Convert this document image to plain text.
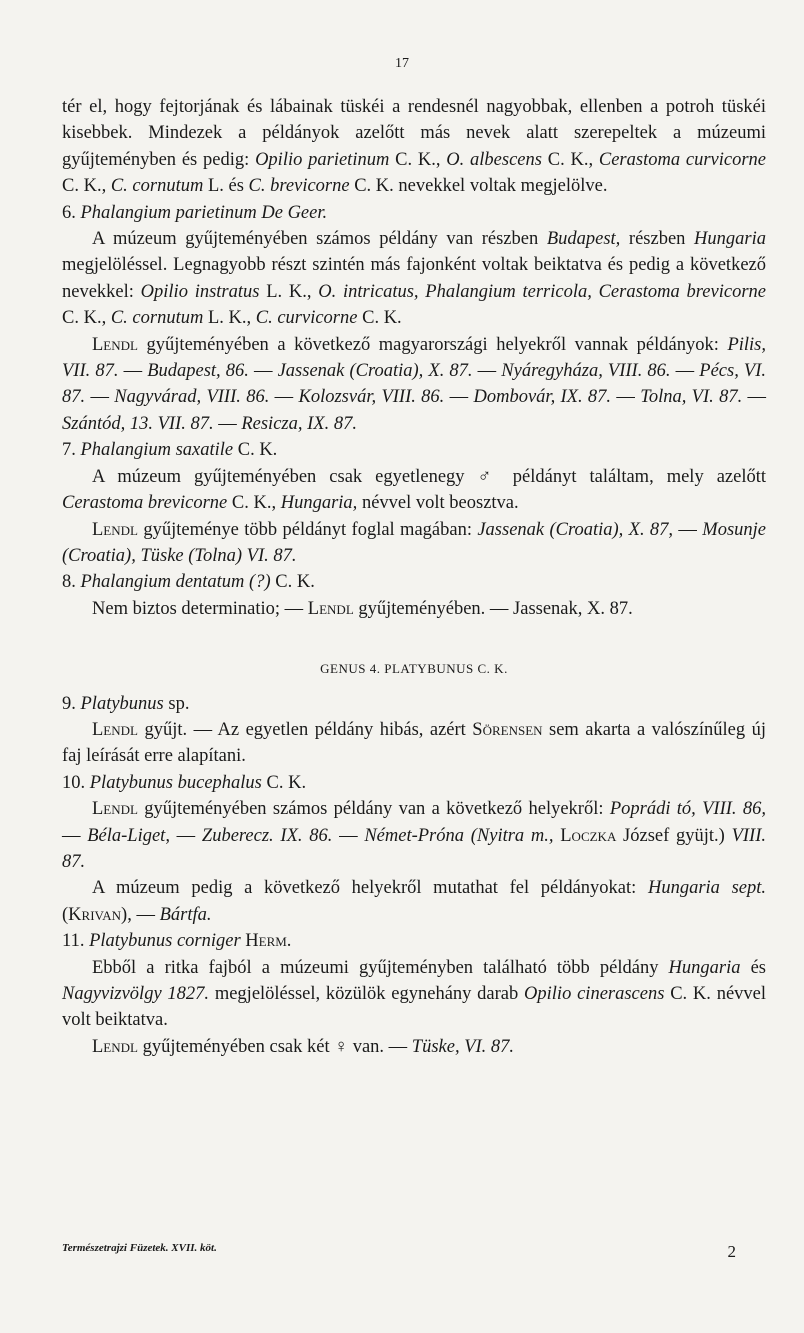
17

tér el, hogy fejtorjának és lábainak tüskéi a rendesnél nagyobbak, ellenben a potroh tüskéi kisebbek. Mindezek a példányok azelőtt más nevek alatt szerepeltek a múzeumi gyűjteményben és pedig: Opilio parietinum C. K., O. albescens C. K., Cerastoma curvicorne C. K., C. cornutum L. és C. brevicorne C. K. nevekkel voltak megjelölve.

6. Phalangium parietinum De Geer.

A múzeum gyűjteményében számos példány van részben Budapest, részben Hungaria megjelöléssel. Legnagyobb részt szintén más fajonként voltak beiktatva és pedig a következő nevekkel: Opilio instratus L. K., O. intricatus, Phalangium terricola, Cerastoma brevicorne C. K., C. cornutum L. K., C. curvicorne C. K.

Lendl gyűjteményében a következő magyarországi helyekről vannak példányok: Pilis, VII. 87. — Budapest, 86. — Jassenak (Croatia), X. 87. — Nyáregyháza, VIII. 86. — Pécs, VI. 87. — Nagyvárad, VIII. 86. — Kolozsvár, VIII. 86. — Dombovár, IX. 87. — Tolna, VI. 87. — Szántód, 13. VII. 87. — Resicza, IX. 87.

7. Phalangium saxatile C. K.

A múzeum gyűjteményében csak egyetlenegy ♂ példányt találtam, mely azelőtt Cerastoma brevicorne C. K., Hungaria, névvel volt beosztva.

Lendl gyűjteménye több példányt foglal magában: Jassenak (Croatia), X. 87, — Mosunje (Croatia), Tüske (Tolna) VI. 87.

8. Phalangium dentatum (?) C. K.

Nem biztos determinatio; — Lendl gyűjteményében. — Jassenak, X. 87.

GENUS 4. PLATYBUNUS C. K.

9. Platybunus sp.

Lendl gyűjt. — Az egyetlen példány hibás, azért Sörensen sem akarta a valószínűleg új faj leírását erre alapítani.

10. Platybunus bucephalus C. K.

Lendl gyűjteményében számos példány van a következő helyekről: Poprádi tó, VIII. 86, — Béla-Liget, — Zuberecz. IX. 86. — Német-Próna (Nyitra m., Loczka József gyüjt.) VIII. 87.

A múzeum pedig a következő helyekről mutathat fel példányokat: Hungaria sept. (Krivan), — Bártfa.

11. Platybunus corniger Herm.

Ebből a ritka fajból a múzeumi gyűjteményben található több példány Hungaria és Nagyvizvölgy 1827. megjelöléssel, közülök egynehány darab Opilio cinerascens C. K. névvel volt beiktatva.

Lendl gyűjteményében csak két ♀ van. — Tüske, VI. 87.

Természetrajzi Füzetek. XVII. köt.	2
